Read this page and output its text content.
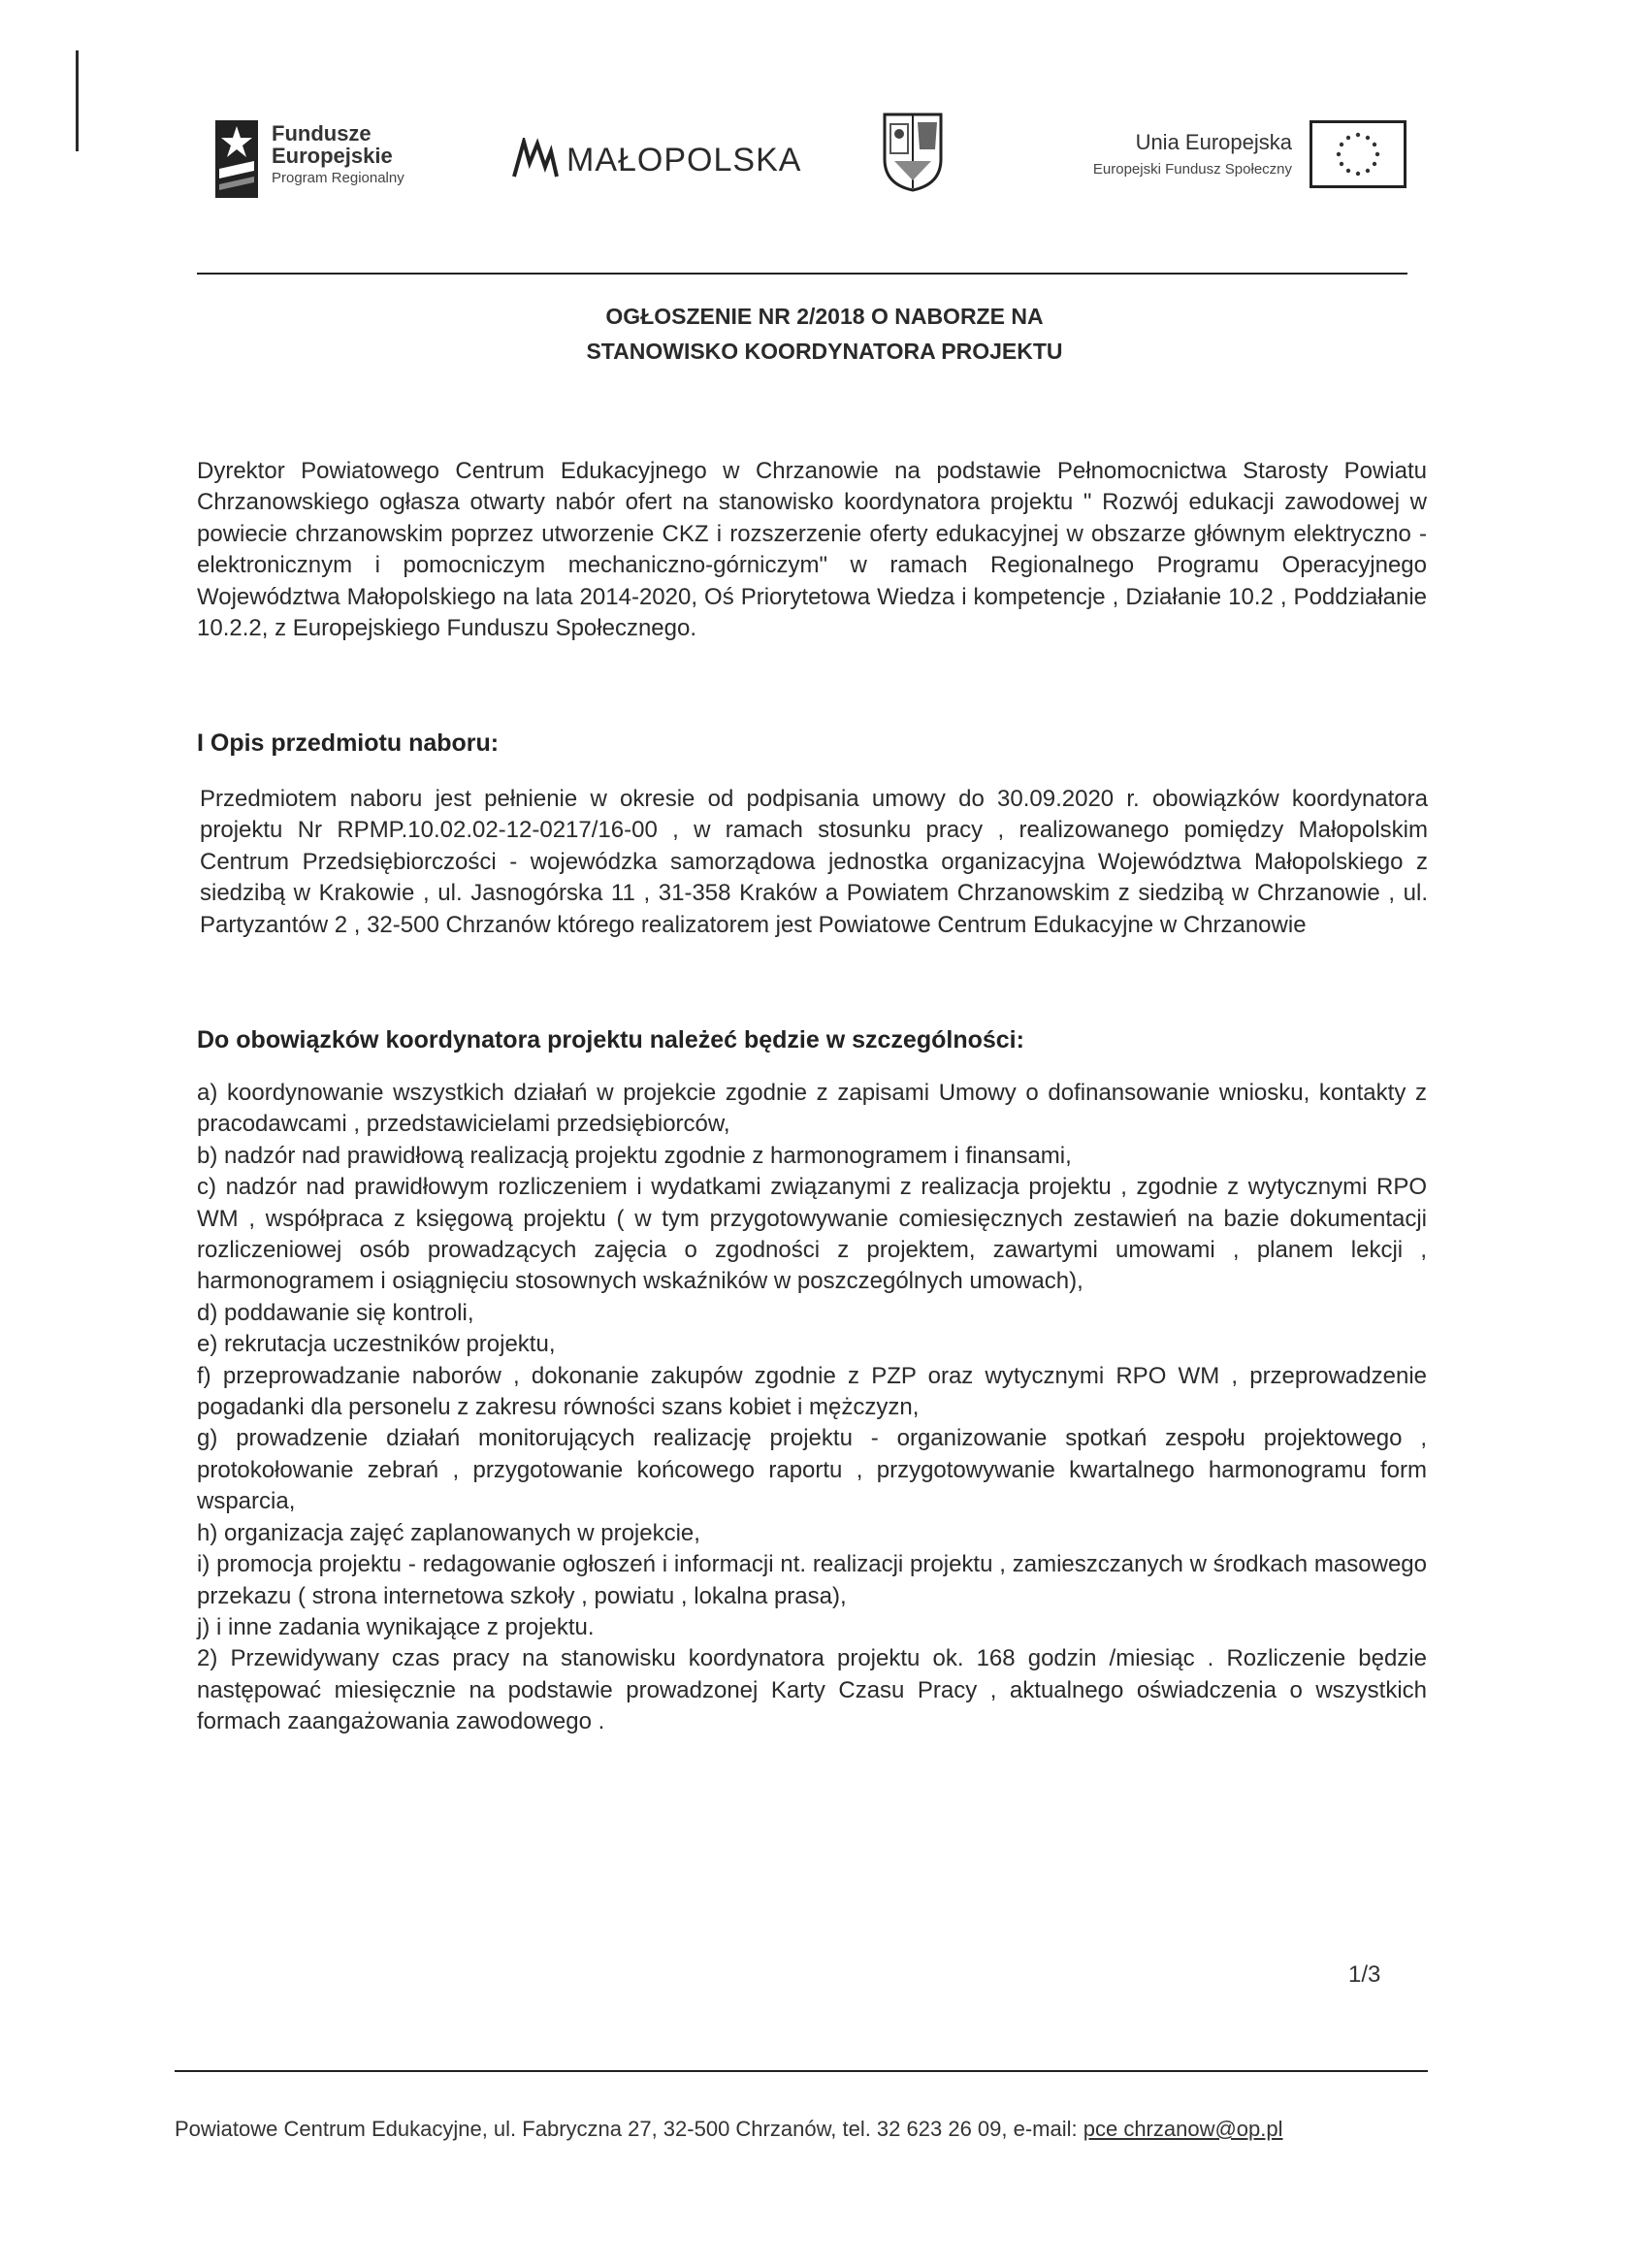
Fundusze
Europejskie
Program Regionalny	MAŁOPOLSKA	Unia Europejska
Europejski Fundusz Społeczny
OGŁOSZENIE NR 2/2018 O NABORZE NA
STANOWISKO KOORDYNATORA PROJEKTU
Dyrektor Powiatowego Centrum Edukacyjnego w Chrzanowie na podstawie Pełnomocnictwa Starosty Powiatu Chrzanowskiego ogłasza otwarty nabór ofert na stanowisko koordynatora projektu " Rozwój edukacji zawodowej w powiecie chrzanowskim poprzez utworzenie CKZ i rozszerzenie oferty edukacyjnej w obszarze głównym elektryczno -elektronicznym i pomocniczym mechaniczno-górniczym" w ramach Regionalnego Programu Operacyjnego Województwa Małopolskiego na lata 2014-2020, Oś Priorytetowa Wiedza i kompetencje , Działanie 10.2 , Poddziałanie 10.2.2, z Europejskiego Funduszu Społecznego.
I Opis przedmiotu naboru:
Przedmiotem naboru jest pełnienie w okresie od podpisania umowy do 30.09.2020 r. obowiązków koordynatora projektu Nr RPMP.10.02.02-12-0217/16-00 , w ramach stosunku pracy , realizowanego pomiędzy Małopolskim Centrum Przedsiębiorczości - wojewódzka samorządowa jednostka organizacyjna Województwa Małopolskiego z siedzibą w Krakowie , ul. Jasnogórska 11 , 31-358 Kraków a Powiatem Chrzanowskim z siedzibą w Chrzanowie , ul. Partyzantów 2 , 32-500 Chrzanów którego realizatorem jest Powiatowe Centrum Edukacyjne w Chrzanowie
Do obowiązków koordynatora projektu należeć będzie w szczególności:
a) koordynowanie wszystkich działań w projekcie zgodnie z zapisami Umowy o dofinansowanie wniosku, kontakty z pracodawcami , przedstawicielami przedsiębiorców,
b) nadzór nad prawidłową realizacją projektu zgodnie z harmonogramem i finansami,
c) nadzór nad prawidłowym rozliczeniem i wydatkami związanymi z realizacja projektu , zgodnie z wytycznymi RPO WM , współpraca z księgową projektu ( w tym przygotowywanie comiesięcznych zestawień na bazie dokumentacji rozliczeniowej osób prowadzących zajęcia o zgodności z projektem, zawartymi umowami , planem lekcji , harmonogramem i osiągnięciu stosownych wskaźników w poszczególnych umowach),
d) poddawanie się kontroli,
e) rekrutacja uczestników projektu,
f) przeprowadzanie naborów , dokonanie zakupów zgodnie z PZP oraz wytycznymi RPO WM , przeprowadzenie pogadanki dla personelu z zakresu równości szans kobiet i mężczyzn,
g) prowadzenie działań monitorujących realizację projektu - organizowanie spotkań zespołu projektowego , protokołowanie zebrań , przygotowanie końcowego raportu , przygotowywanie kwartalnego harmonogramu form wsparcia,
h) organizacja zajęć zaplanowanych w projekcie,
i) promocja projektu - redagowanie ogłoszeń i informacji nt. realizacji projektu , zamieszczanych w środkach masowego przekazu ( strona internetowa szkoły , powiatu , lokalna prasa),
j) i inne zadania wynikające z projektu.
2) Przewidywany czas pracy na stanowisku koordynatora projektu ok. 168 godzin /miesiąc . Rozliczenie będzie następować miesięcznie na podstawie prowadzonej Karty Czasu Pracy , aktualnego oświadczenia o wszystkich formach zaangażowania zawodowego .
1/3
Powiatowe Centrum Edukacyjne, ul. Fabryczna 27, 32-500 Chrzanów, tel. 32 623 26 09, e-mail: pce chrzanow@op.pl
